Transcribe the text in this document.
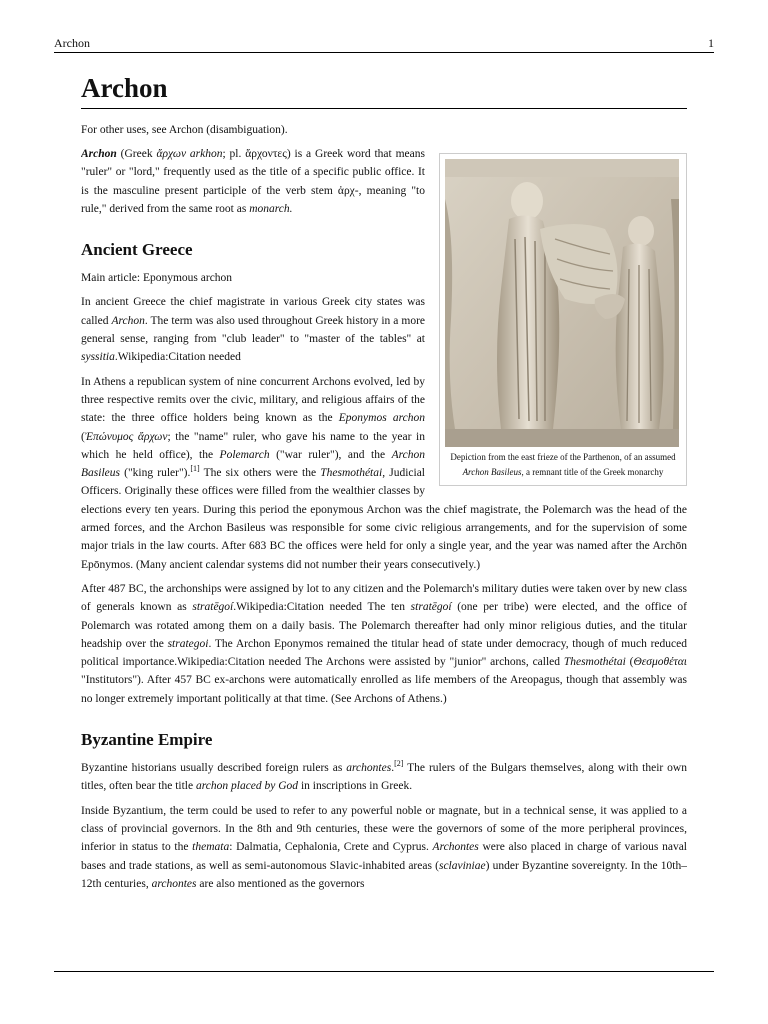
Archon	1
Archon
For other uses, see Archon (disambiguation).
Depiction from the east frieze of the Parthenon, of an assumed Archon Basileus, a remnant title of the Greek monarchy

Archon (Greek ἄρχων arkhon; pl. ἄρχοντες) is a Greek word that means "ruler" or "lord," frequently used as the title of a specific public office. It is the masculine present participle of the verb stem ἀρχ-, meaning "to rule," derived from the same root as monarch.

Ancient Greece

Main article: Eponymous archon

In ancient Greece the chief magistrate in various Greek city states was called Archon. The term was also used throughout Greek history in a more general sense, ranging from "club leader" to "master of the tables" at syssitia.Wikipedia:Citation needed

In Athens a republican system of nine concurrent Archons evolved, led by three respective remits over the civic, military, and religious affairs of the state: the three office holders being known as the Eponymos archon (Ἐπώνυμος ἄρχων; the "name" ruler, who gave his name to the year in which he held office), the Polemarch ("war ruler"), and the Archon Basileus ("king ruler").[1] The six others were the Thesmothétai, Judicial Officers. Originally these offices were filled from the wealthier classes by elections every ten years. During this period the eponymous Archon was the chief magistrate, the Polemarch was the head of the armed forces, and the Archon Basileus was responsible for some civic religious arrangements, and for the supervision of some major trials in the law courts. After 683 BC the offices were held for only a single year, and the year was named after the Archōn Epōnymos. (Many ancient calendar systems did not number their years consecutively.)

After 487 BC, the archonships were assigned by lot to any citizen and the Polemarch's military duties were taken over by new class of generals known as stratēgoí.Wikipedia:Citation needed The ten stratēgoí (one per tribe) were elected, and the office of Polemarch was rotated among them on a daily basis. The Polemarch thereafter had only minor religious duties, and the titular headship over the strategoi. The Archon Eponymos remained the titular head of state under democracy, though of much reduced political importance.Wikipedia:Citation needed The Archons were assisted by "junior" archons, called Thesmothétai (Θεσμοθέται "Institutors"). After 457 BC ex-archons were automatically enrolled as life members of the Areopagus, though that assembly was no longer extremely important politically at that time. (See Archons of Athens.)

Byzantine Empire

Byzantine historians usually described foreign rulers as archontes.[2] The rulers of the Bulgars themselves, along with their own titles, often bear the title archon placed by God in inscriptions in Greek.

Inside Byzantium, the term could be used to refer to any powerful noble or magnate, but in a technical sense, it was applied to a class of provincial governors. In the 8th and 9th centuries, these were the governors of some of the more peripheral provinces, inferior in status to the themata: Dalmatia, Cephalonia, Crete and Cyprus. Archontes were also placed in charge of various naval bases and trade stations, as well as semi-autonomous Slavic-inhabited areas (sclaviniae) under Byzantine sovereignty. In the 10th–12th centuries, archontes are also mentioned as the governors
